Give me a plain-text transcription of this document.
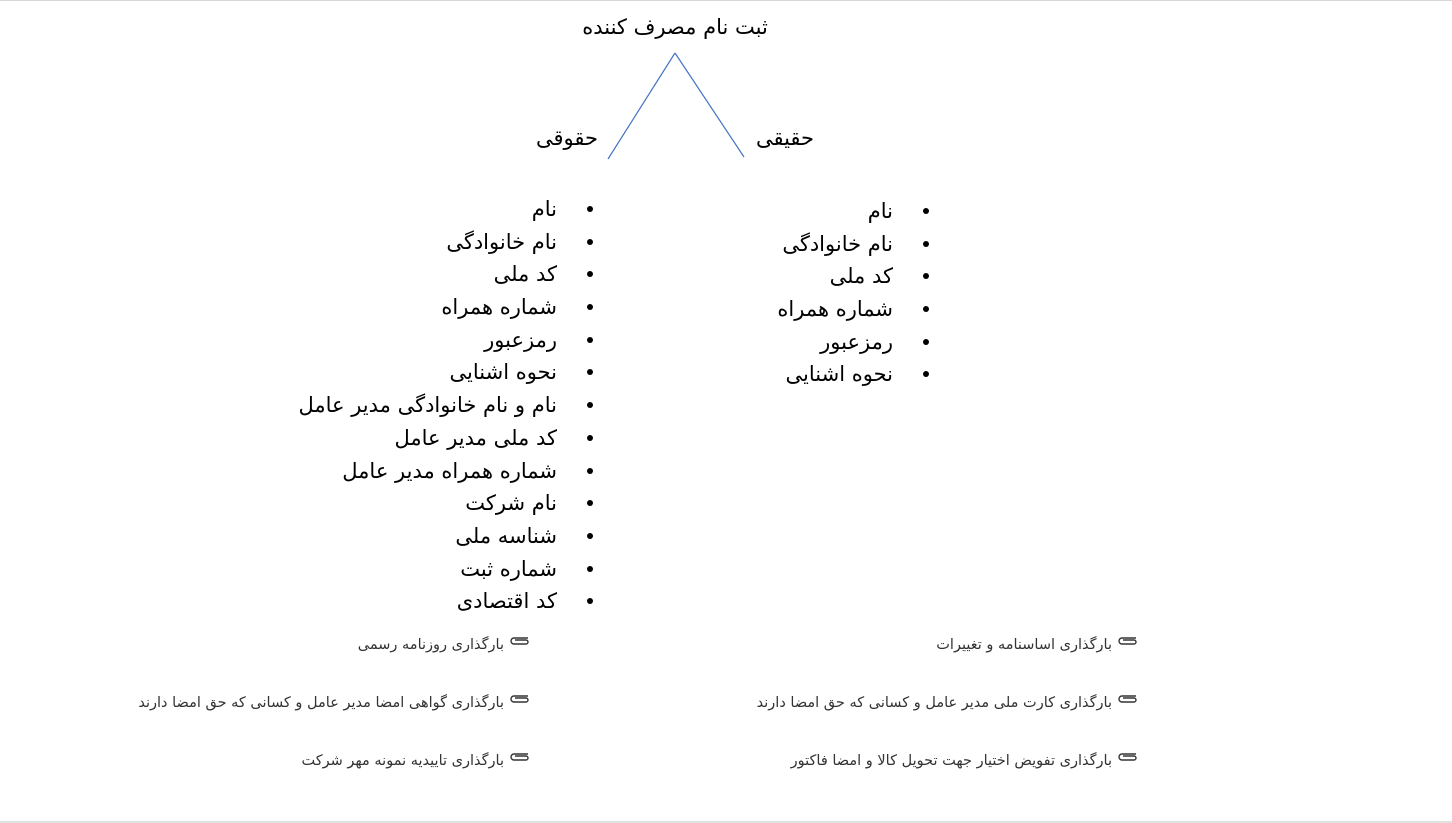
ثبت نام مصرف کننده
حقیقی
حقوقی
نام
نام خانوادگی
کد ملی
شماره همراه
رمزعبور
نحوه اشنایی
نام
نام خانوادگی
کد ملی
شماره همراه
رمزعبور
نحوه اشنایی
نام و نام خانوادگی مدیر عامل
کد ملی مدیر عامل
شماره همراه مدیر عامل
نام شرکت
شناسه ملی
شماره ثبت
کد اقتصادی
بارگذاری اساسنامه و تغییرات
بارگذاری کارت ملی مدیر عامل و کسانی که حق امضا دارند
بارگذاری تفویض اختیار جهت تحویل کالا و امضا فاکتور
بارگذاری روزنامه رسمی
بارگذاری گواهی امضا مدیر عامل و کسانی که حق امضا دارند
بارگذاری تاییدیه نمونه مهر شرکت
